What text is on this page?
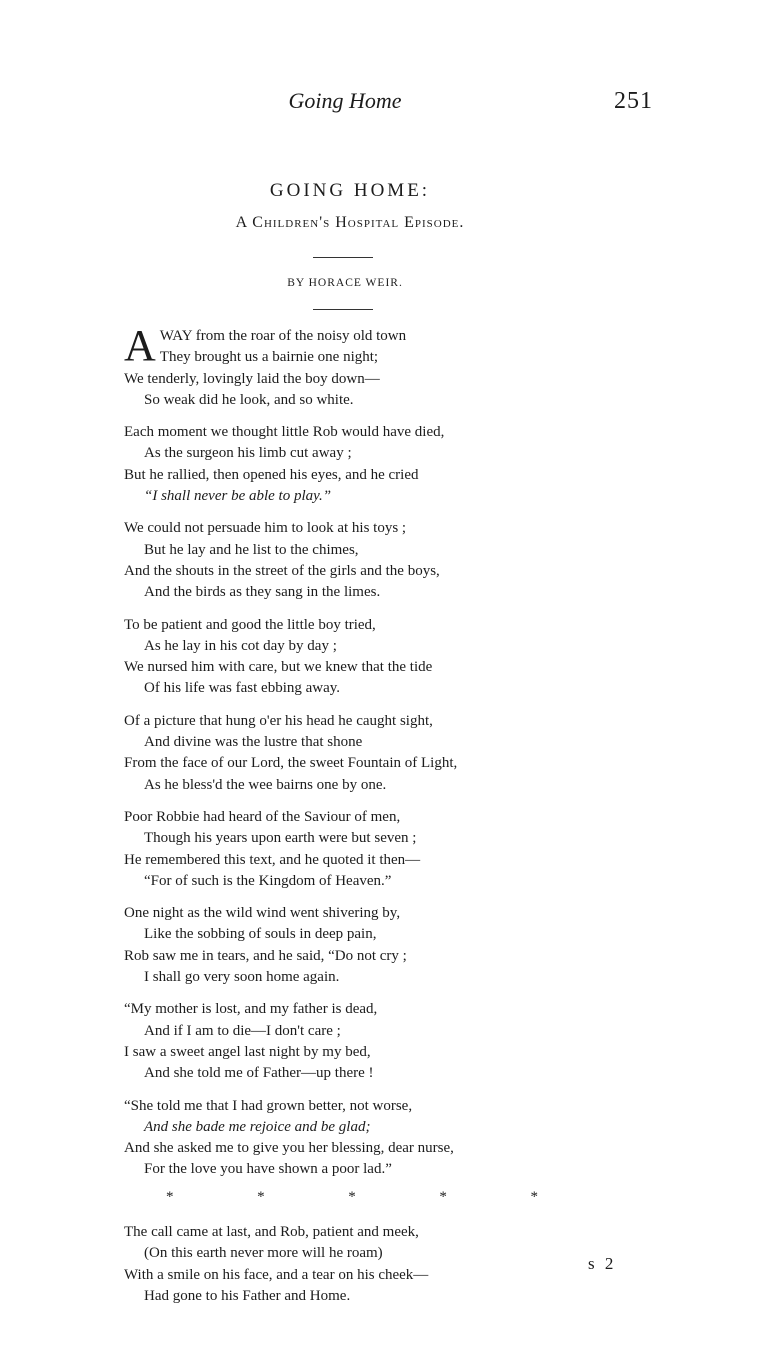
Going Home	251
GOING HOME:
A Children's Hospital Episode.
BY HORACE WEIR.
A WAY from the roar of the noisy old town
They brought us a bairnie one night;
We tenderly, lovingly laid the boy down—
So weak did he look, and so white.
Each moment we thought little Rob would have died,
As the surgeon his limb cut away ;
But he rallied, then opened his eyes, and he cried
“I shall never be able to play.”
We could not persuade him to look at his toys ;
But he lay and he list to the chimes,
And the shouts in the street of the girls and the boys,
And the birds as they sang in the limes.
To be patient and good the little boy tried,
As he lay in his cot day by day ;
We nursed him with care, but we knew that the tide
Of his life was fast ebbing away.
Of a picture that hung o'er his head he caught sight,
And divine was the lustre that shone
From the face of our Lord, the sweet Fountain of Light,
As he bless'd the wee bairns one by one.
Poor Robbie had heard of the Saviour of men,
Though his years upon earth were but seven ;
He remembered this text, and he quoted it then—
“For of such is the Kingdom of Heaven.”
One night as the wild wind went shivering by,
Like the sobbing of souls in deep pain,
Rob saw me in tears, and he said, “Do not cry ;
I shall go very soon home again.
“My mother is lost, and my father is dead,
And if I am to die—I don't care ;
I saw a sweet angel last night by my bed,
And she told me of Father—up there !
“She told me that I had grown better, not worse,
And she bade me rejoice and be glad;
And she asked me to give you her blessing, dear nurse,
For the love you have shown a poor lad.”
*	*	*	*	*
The call came at last, and Rob, patient and meek,
(On this earth never more will he roam)
With a smile on his face, and a tear on his cheek—
Had gone to his Father and Home.
s 2
